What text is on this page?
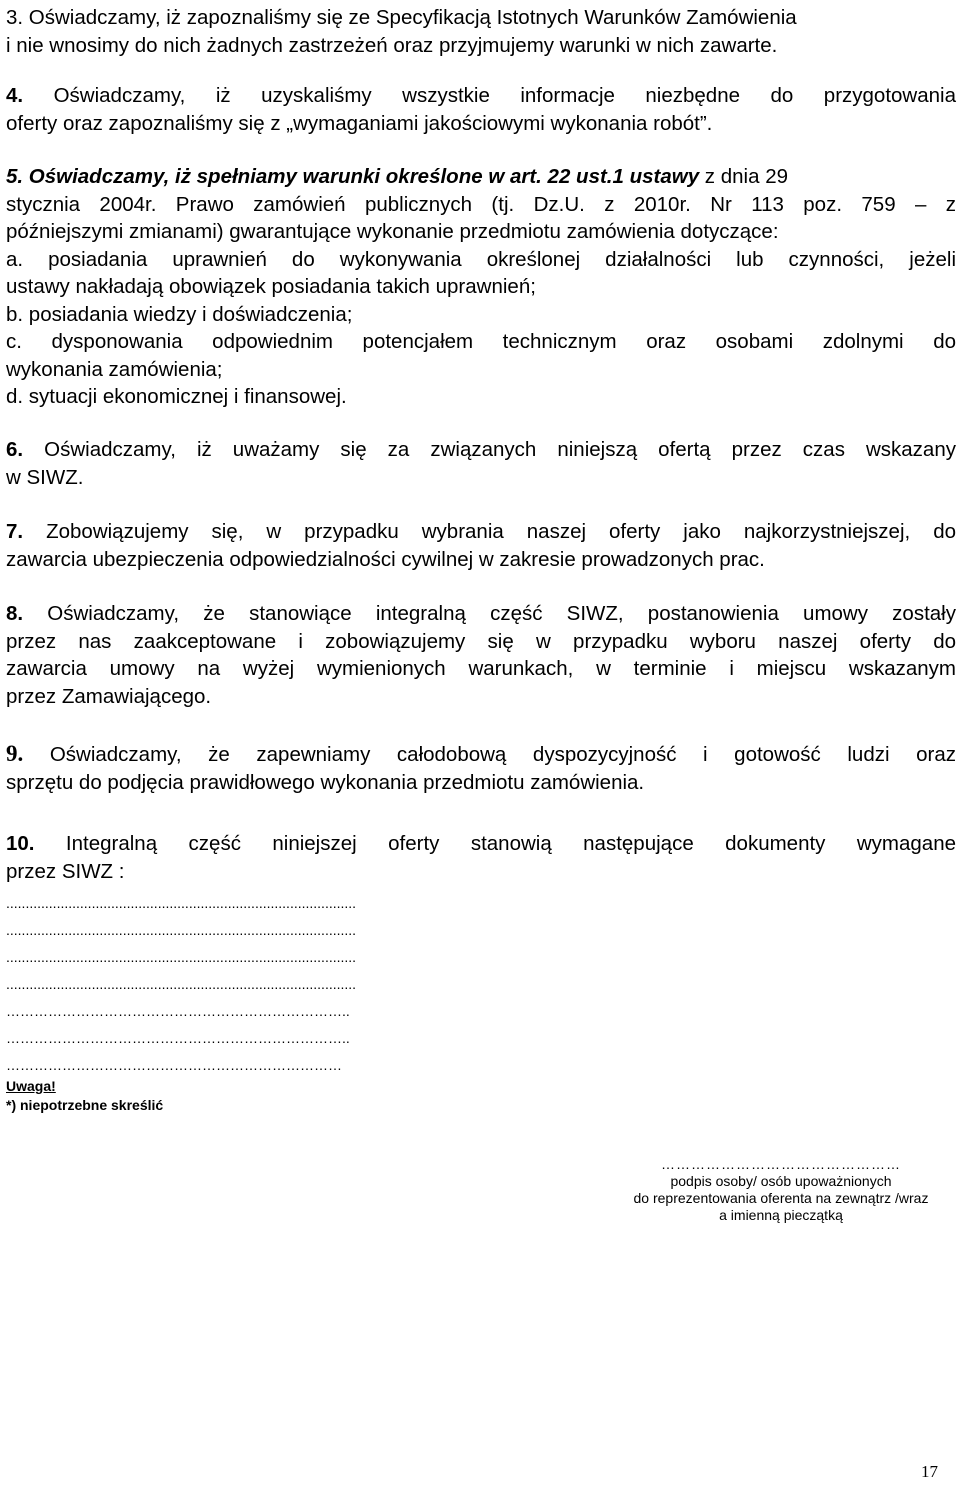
3. Oświadczamy, iż zapoznaliśmy się ze Specyfikacją Istotnych Warunków Zamówienia
i nie wnosimy do nich żadnych zastrzeżeń oraz przyjmujemy warunki w nich zawarte.
4. Oświadczamy, iż uzyskaliśmy wszystkie informacje niezbędne do przygotowania
oferty oraz zapoznaliśmy się z „wymaganiami jakościowymi wykonania robót”.
5. Oświadczamy, iż spełniamy warunki określone w art. 22 ust.1 ustawy z dnia 29
stycznia 2004r. Prawo zamówień publicznych (tj. Dz.U. z 2010r. Nr 113 poz. 759 – z
późniejszymi zmianami) gwarantujące wykonanie przedmiotu zamówienia dotyczące:
a. posiadania uprawnień do wykonywania określonej działalności lub czynności, jeżeli
ustawy nakładają obowiązek posiadania takich uprawnień;
b. posiadania wiedzy i doświadczenia;
c. dysponowania odpowiednim potencjałem technicznym oraz osobami zdolnymi do
wykonania zamówienia;
d. sytuacji ekonomicznej i finansowej.
6. Oświadczamy, iż uważamy się za związanych niniejszą ofertą przez czas wskazany
w SIWZ.
7. Zobowiązujemy się, w przypadku wybrania naszej oferty jako najkorzystniejszej, do
zawarcia ubezpieczenia odpowiedzialności cywilnej w zakresie prowadzonych prac.
8. Oświadczamy, że stanowiące integralną część SIWZ, postanowienia umowy zostały
przez nas zaakceptowane i zobowiązujemy się w przypadku wyboru naszej oferty do
zawarcia umowy na wyżej wymienionych warunkach, w terminie i miejscu wskazanym
przez Zamawiającego.
9. Oświadczamy, że zapewniamy całodobową dyspozycyjność i gotowość ludzi oraz
sprzętu do podjęcia prawidłowego wykonania przedmiotu zamówienia.
10. Integralną część niniejszej oferty stanowią następujące dokumenty wymagane
przez SIWZ :
..........................................................................................
..........................................................................................
..........................................................................................
..........................................................................................
………………………………………………………………..
………………………………………………………………..
………………………………………………………………
Uwaga!
*) niepotrzebne skreślić
…………………………………………
podpis osoby/ osób upoważnionych
do reprezentowania oferenta na zewnątrz /wraz
a imienną pieczątką
17
